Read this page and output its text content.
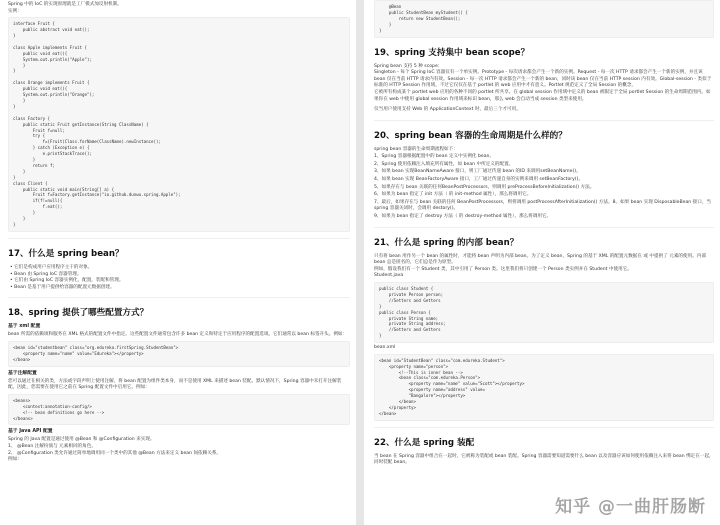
Spring 中的 IoC 的实现原理就是工厂模式加反射机制。

实例：

interface Fruit {
public abstract void eat();
}

class Apple implements Fruit {
public void eat(){
System.out.println("Apple");
}
}

class Orange implements Fruit {
public void eat(){
System.out.println("Orange");
}
}

class Factory {
public static Fruit getInstance(String ClassName) {
Fruit f=null;
try {
f=(Fruit)Class.forName(ClassName).newInstance();
} catch (Exception e) {
e.printStackTrace();
}
return f;
}
}
class Client {
public static void main(String[] a) {
Fruit f=Factory.getInstance("io.github.dunwu.spring.Apple");
if(f!=null){
f.eat();
}
}
}
17、什么是 spring bean？
• 它们是构成用户应用程序主干的对象。
• Bean 由 Spring IoC 容器管理。
• 它们由 Spring IoC 容器实例化，配置，装配和管理。
• Bean 是基于用户提供给容器的配置元数据创建。
18、spring 提供了哪些配置方式？
基于 xml 配置

bean 所需的依赖项和服务在 XML 格式的配置文件中指定。这些配置文件通常包含许多 bean 定义和特定于应用程序的配置选项。它们通常以 bean 标签开头。例如：

<bean id="studentbean" class="org.edureka.firstSpring.StudentBean">
<property name="name" value="Edureka"></property>
</bean>
基于注解配置

您可以通过在相关的类，方法或字段声明上使用注解，将 bean 配置为组件类本身，而不是使用 XML 来描述 bean 装配。默认情况下，Spring 容器中未打开注解装配。因此，您需要在使用它之前在 Spring 配置文件中启用它。例如：

<beans>
<context:annotation-config/>
<!-- bean definitions go here -->
</beans>
基于 Java API 配置

Spring 的 Java 配置是通过使用 @Bean 和 @Configuration 来实现。
1、 @Bean 注解扮演与 元素相同的角色。
2、 @Configuration 类允许通过简单地调用同一个类中的其他 @Bean 方法来定义 bean 间依赖关系。

例如：

@Bean
public StudentBean myStudent() {
return new StudentBean();
}
}
19、spring 支持集中 bean scope？

Spring bean 支持 5 种 scope：
Singleton - 每个 Spring IoC 容器仅有一个单实例。Prototype - 每次请求都会产生一个新的实例。Request - 每一次 HTTP 请求都会产生一个新的实例，并且该 bean 仅在当前 HTTP 请求内有效。Session - 每一次 HTTP 请求都会产生一个新的 bean，同时该 bean 仅在当前 HTTP session 内有效。Global-session - 类似于标准的 HTTP Session 作用域，不过它仅仅在基于 portlet 的 web 应用中才有意义。Portlet 规范定义了全局 Session 的概念，
它被所有构成某个 portlet web 应用的各种不同的 portlet 所共享。在 global session 作用域中定义的 bean 被限定于全局 portlet Session 的生命周期范围内。如果你在 web 中使用 global session 作用域来标识 bean，那么 web 会自动当成 session 类型来使用。

仅当用户使用支持 Web 的 ApplicationContext 时，最后三个才可用。

20、spring bean 容器的生命周期是什么样的？

spring bean 容器的生命周期流程如下：

1、Spring 容器根据配置中的 bean 定义中实例化 bean。

2、Spring 使用依赖注入填充所有属性，如 bean 中所定义的配置。

3、如果 bean 实现BeanNameAware 接口，则工厂通过传递 bean 的ID 来调用setBeanName()。

4、如果 bean 实现 BeanFactoryAware 接口，工厂通过传递自身的实例来调用 setBeanFactory()。

5、如果存在与 bean 关联的任何BeanPostProcessors，则调用 preProcessBeforeInitialization() 方法。

6、如果为 bean 指定了 init 方法（ 的 init-method 属性），那么将调用它。

7、最后，如果存在与 bean 关联的任何 BeanPostProcessors，则将调用 postProcessAfterInitialization() 方法。8、如果 bean 实现 DisposableBean 接口，当 spring 容器关闭时，会调用 destory()。

9、如果为 bean 指定了 destroy 方法（ 的 destroy-method 属性），那么将调用它。

21、什么是 spring 的内部 bean？

只有将 bean 用作另一个 bean 的属性时，才能将 bean 声明为内部 bean。为了定义 bean，Spring 的基于 XML 的配置元数据在 或 中提供了 元素的使用。内部 bean 总是匿名的，它们总是作为原型。
例如，假设我们有一个 Student 类，其中引用了 Person 类。这里我们将只创建一个 Person 类实例并在 Student 中使用它。

Student.java

public class Student {
private Person person;
//Setters and Getters
}
public class Person {
private String name;
private String address;
//Setters and Getters
}

bean.xml

<bean id="StudentBean" class="com.edureka.Student">
<property name="person">
<!--This is inner bean -->
<bean class="com.edureka.Person">
<property name="name" value="Scott"></property>
<property name="address" value=
"Bangalore"></property>
</bean>
</property>
</bean>
22、什么是 spring 装配

当 bean 在 Spring 容器中组合在一起时，它被称为装配或 bean 装配。Spring 容器需要知道需要什么 bean 以及容器应该如何使用依赖注入来将 bean 绑定在一起，同时装配 bean。

知乎 @一曲肝肠断
